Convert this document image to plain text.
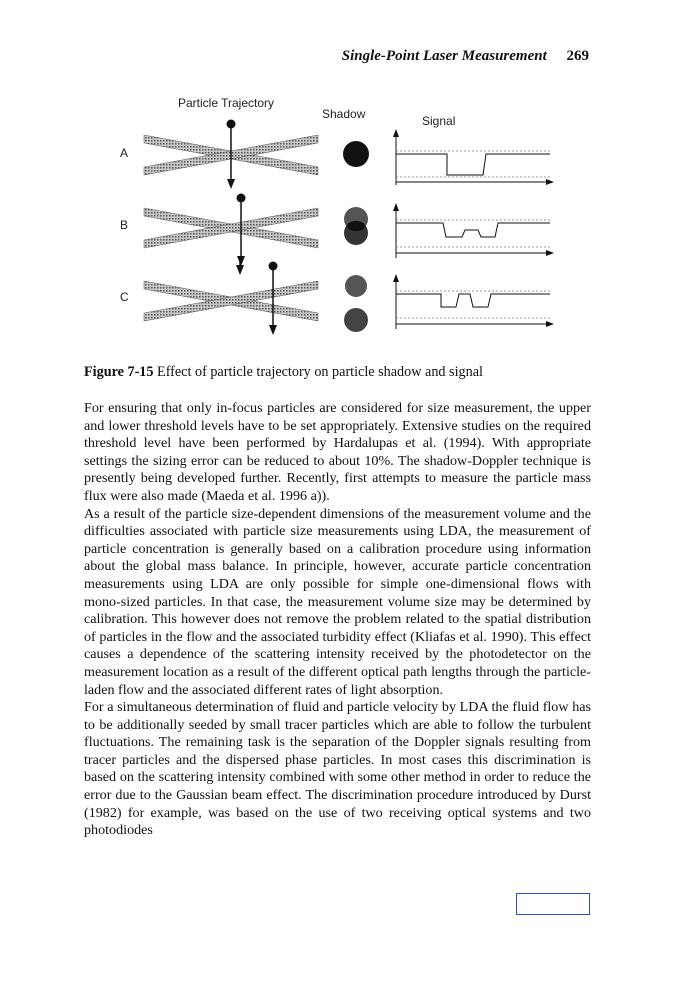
Single-Point Laser Measurement 269
Particle Trajectory
Shadow	Signal
A
B
C
Figure 7-15 Effect of particle trajectory on particle shadow and signal

For ensuring that only in-focus particles are considered for size measurement, the upper and lower threshold levels have to be set appropriately. Extensive studies on the required threshold level have been performed by Hardalupas et al. (1994). With appropriate settings the sizing error can be reduced to about 10%. The shadow-Doppler technique is presently being developed further. Recently, first attempts to measure the particle mass flux were also made (Maeda et al. 1996 a)).

As a result of the particle size-dependent dimensions of the measurement volume and the difficulties associated with particle size measurements using LDA, the measurement of particle concentration is generally based on a calibration procedure using information about the global mass balance. In principle, however, accurate particle concentration measurements using LDA are only possible for simple one-dimensional flows with mono-sized particles. In that case, the measurement volume size may be determined by calibration. This however does not remove the problem related to the spatial distribution of particles in the flow and the associated turbidity effect (Kliafas et al. 1990). This effect causes a dependence of the scattering intensity received by the photodetector on the measurement location as a result of the different optical path lengths through the particle-laden flow and the associated different rates of light absorption.

For a simultaneous determination of fluid and particle velocity by LDA the fluid flow has to be additionally seeded by small tracer particles which are able to follow the turbulent fluctuations. The remaining task is the separation of the Doppler signals resulting from tracer particles and the dispersed phase particles. In most cases this discrimination is based on the scattering intensity combined with some other method in order to reduce the error due to the Gaussian beam effect. The discrimination procedure introduced by Durst (1982) for example, was based on the use of two receiving optical systems and two photodiodes
